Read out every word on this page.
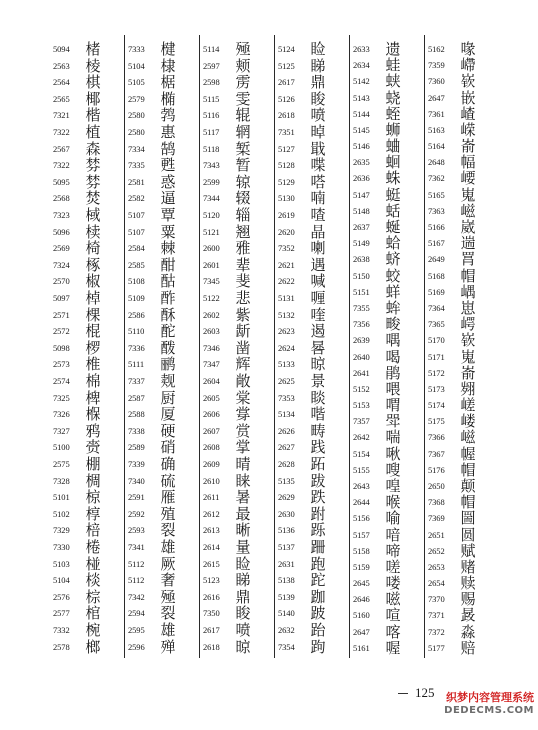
5094	楮
2563	棱
2564	棋
2565	椰
7321	楷
7322	植
2567	森
7322	棼
5095	棼
2568	焚
7323	棫
5096	椟
2569	椅
7324	椓
2570	椒
5097	棹
2571	棵
2572	棍
5098	椤
2573	椎
2574	棉
7325	椑
7326	椺
7327	鸦
5100	赍
2575	棚
7328	椆
5101	椋
5102	椁
7329	棓
7330	棬
5103	椪
5104	棪
2576	棕
2577	棺
7332	椀
2578	榔
7333	楗
5104	棣
5105	椐
2579	椭
2580	鹁
2580	惠
7334	鹄
7335	甦
2581	惑
2582	逼
5107	覃
5107	粟
2584	棘
2585	酣
5108	酤
5109	酢
2586	酥
5110	酡
7336	酦
5111	鹂
7337	觌
2587	厨
2588	厦
7338	硬
2589	硝
7339	确
7340	硫
2591	雁
2592	殖
2593	裂
7341	雄
5112	厥
5112	奢
7342	殛
2594	裂
2595	雄
2596	殚
5114	殛
2597	颊
2598	雳
5115	雯
5116	辊
5117	辋
5118	椠
7343	暂
2599	辌
7344	辍
5120	辎
5121	翘
2600	雅
2601	辈
7345	斐
5122	悲
2602	紫
2603	龂
7346	凿
7347	辉
2604	敞
2605	棠
2606	牚
2607	赏
2608	掌
2609	晴
2610	睐
2611	暑
2612	最
2613	晰
2614	量
2615	睑
5123	睇
2616	鼎
7350	睃
2617	喷
2618	晾
5124	睑
5125	睇
2617	鼎
5126	睃
2618	喷
7351	晫
5127	戢
5128	喋
5129	嗒
5130	喃
2619	喳
2620	晶
7352	喇
2621	遇
2622	喊
5131	喱
5132	喹
2623	遏
2624	晷
5133	晾
2625	景
7353	睒
5134	喈
2626	畴
2627	践
2628	跖
5135	跋
2629	跌
2630	跗
5136	跞
5137	跚
2631	跑
5138	跎
5139	跏
5140	跛
2632	跆
7354	跔
2633	遗
2634	蛙
5142	蛱
5143	蛲
5144	蛭
5145	蛳
5146	蛐
2635	蛔
2636	蛛
5147	蜓
5148	蛞
2637	蜒
5149	蛤
2638	蛴
5150	蛟
5151	蛘
7355	蛑
7356	畯
2639	喁
2640	喝
2641	鹃
5152	喂
5153	喟
7357	斝
2642	喘
5154	啾
5155	嗖
2643	喤
2644	喉
5156	喻
5157	喑
5158	啼
5159	嗟
2645	喽
2646	嗞
5160	喧
2647	喀
5161	喔
5162	喙
7359	嵽
7360	嵚
2647	嵌
7361	嵖
5163	嵘
5164	嵛
2648	幅
7362	崾
5165	嵬
7363	嵫
5166	崴
5167	遄
2649	罥
5168	帽
5169	嵎
7364	崽
7365	崿
5170	嵚
5171	嵬
5172	嵛
5173	翙
5174	嵯
5175	嵝
7366	嵫
7367	幄
5176	帽
2650	颠
7368	帽
7369	圌
2651	圆
2652	赋
2653	赌
2654	赎
7370	赐
7371	晸
7372	淼
5177	赔
125 织梦内容管理系统
DEDECMS.COM
